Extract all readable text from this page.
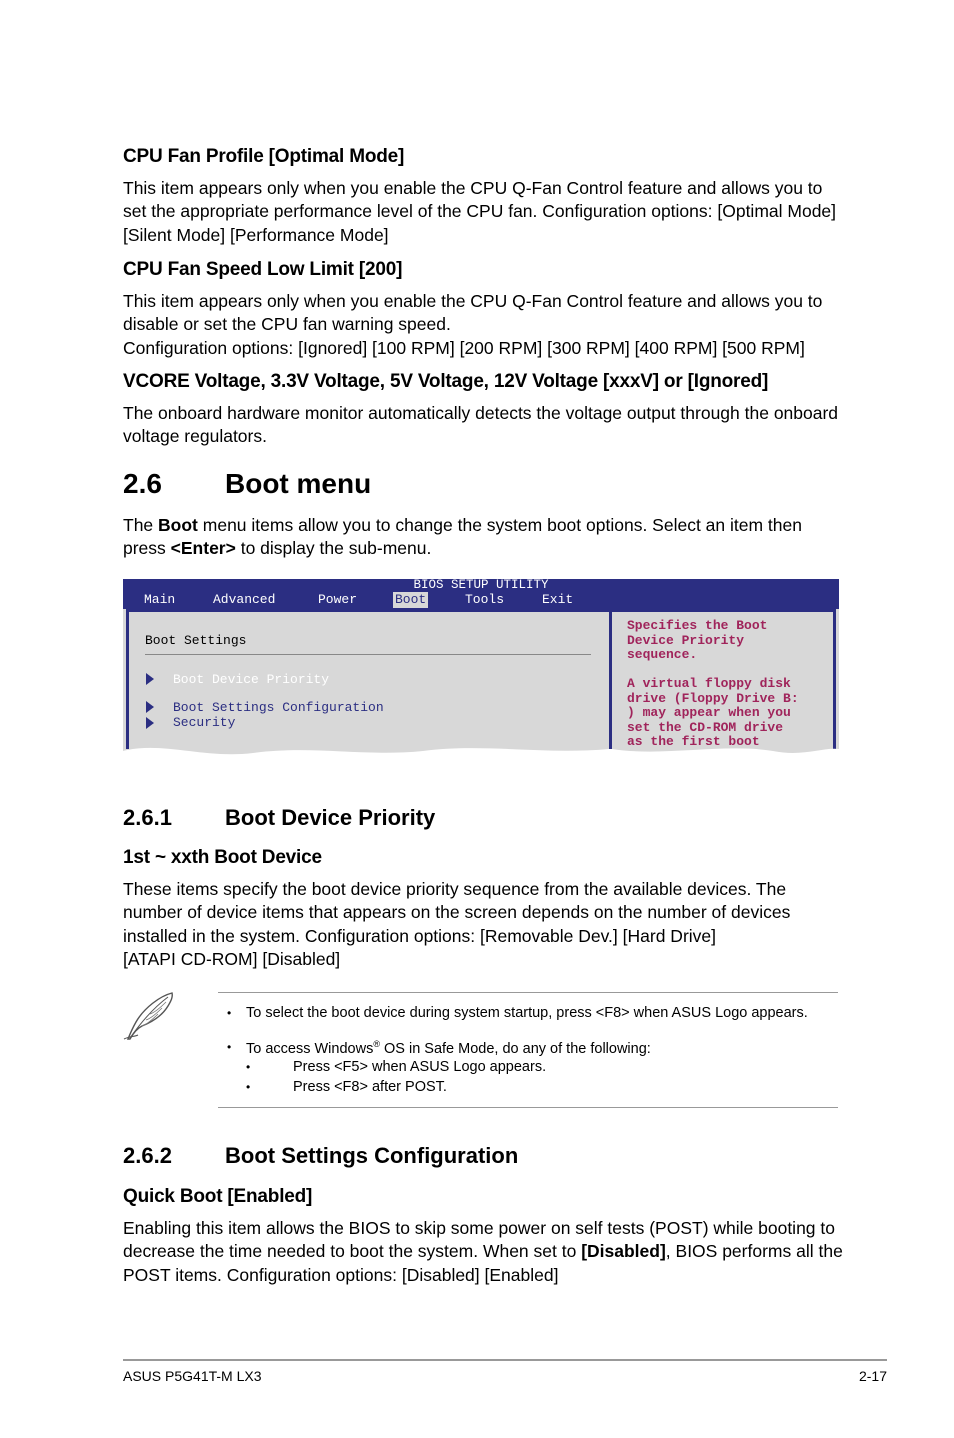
CPU Fan Profile [Optimal Mode]
This item appears only when you enable the CPU Q-Fan Control feature and allows you to
set the appropriate performance level of the CPU fan. Configuration options: [Optimal Mode]
[Silent Mode] [Performance Mode]
CPU Fan Speed Low Limit [200]
This item appears only when you enable the CPU Q-Fan Control feature and allows you to
disable or set the CPU fan warning speed.
Configuration options: [Ignored] [100 RPM] [200 RPM] [300 RPM] [400 RPM] [500 RPM]
VCORE Voltage, 3.3V Voltage, 5V Voltage, 12V Voltage [xxxV] or [Ignored]
The onboard hardware monitor automatically detects the voltage output through the onboard
voltage regulators.
2.6 Boot menu
The Boot menu items allow you to change the system boot options. Select an item then
press <Enter> to display the sub-menu.
BIOS SETUP UTILITY
Main	Advanced	Power	Boot	Tools	Exit
Boot Settings
Boot Device Priority
Boot Settings Configuration
Security
Specifies the Boot
Device Priority
sequence.
A virtual floppy disk
drive (Floppy Drive B:
) may appear when you
set the CD-ROM drive
as the first boot
2.6.1 Boot Device Priority
1st ~ xxth Boot Device
These items specify the boot device priority sequence from the available devices. The
number of device items that appears on the screen depends on the number of devices
installed in the system. Configuration options: [Removable Dev.] [Hard Drive]
[ATAPI CD-ROM] [Disabled]
• To select the boot device during system startup, press <F8> when ASUS Logo appears.
• To access Windows® OS in Safe Mode, do any of the following:
•	Press <F5> when ASUS Logo appears.
•	Press <F8> after POST.
2.6.2 Boot Settings Configuration
Quick Boot [Enabled]
Enabling this item allows the BIOS to skip some power on self tests (POST) while booting to
decrease the time needed to boot the system. When set to [Disabled], BIOS performs all the
POST items. Configuration options: [Disabled] [Enabled]
ASUS P5G41T-M LX3	2-17
